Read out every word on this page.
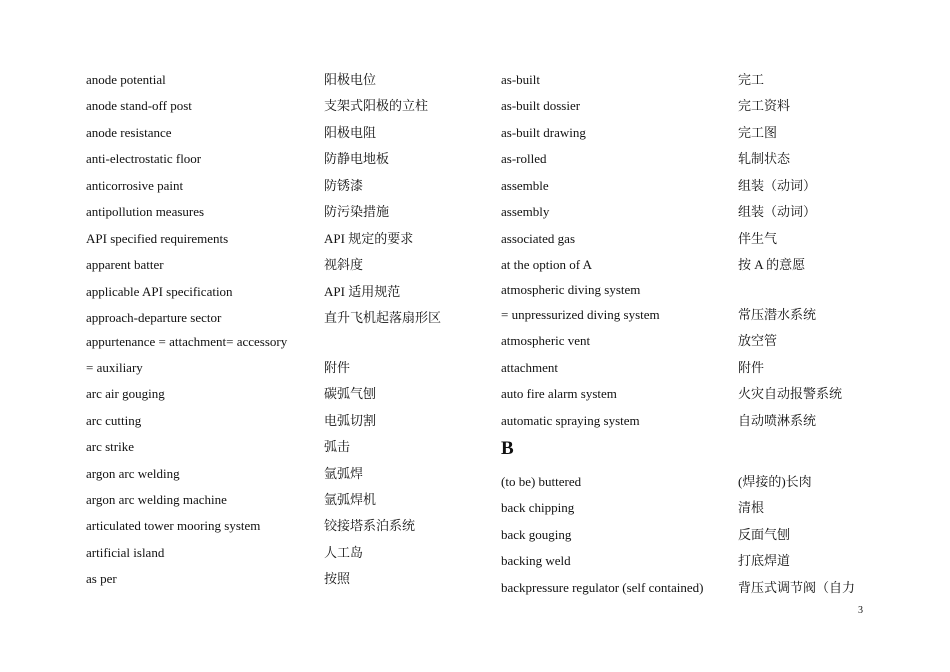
anode potential	阳极电位
anode stand-off post	支架式阳极的立柱
anode resistance	阳极电阻
anti-electrostatic floor	防静电地板
anticorrosive paint	防锈漆
antipollution measures	防污染措施
API specified requirements	API 规定的要求
apparent batter	视斜度
applicable API specification	API 适用规范
approach-departure sector	直升飞机起落扇形区
appurtenance = attachment= accessory
= auxiliary	附件
arc air gouging	碳弧气刨
arc cutting	电弧切割
arc strike	弧击
argon arc welding	氩弧焊
argon arc welding machine	氩弧焊机
articulated tower mooring system	铰接塔系泊系统
artificial island	人工岛
as per	按照
as-built	完工
as-built dossier	完工资料
as-built drawing	完工图
as-rolled	轧制状态
assemble	组装（动词）
assembly	组装（动词）
associated gas	伴生气
at the option of A	按 A 的意愿
atmospheric diving system
= unpressurized diving system	常压潜水系统
atmospheric vent	放空管
attachment	附件
auto fire alarm system	火灾自动报警系统
automatic spraying system	自动喷淋系统
B
(to be) buttered	(焊接的)长肉
back chipping	清根
back gouging	反面气刨
backing weld	打底焊道
backpressure regulator (self contained)	背压式调节阀（自力
3
